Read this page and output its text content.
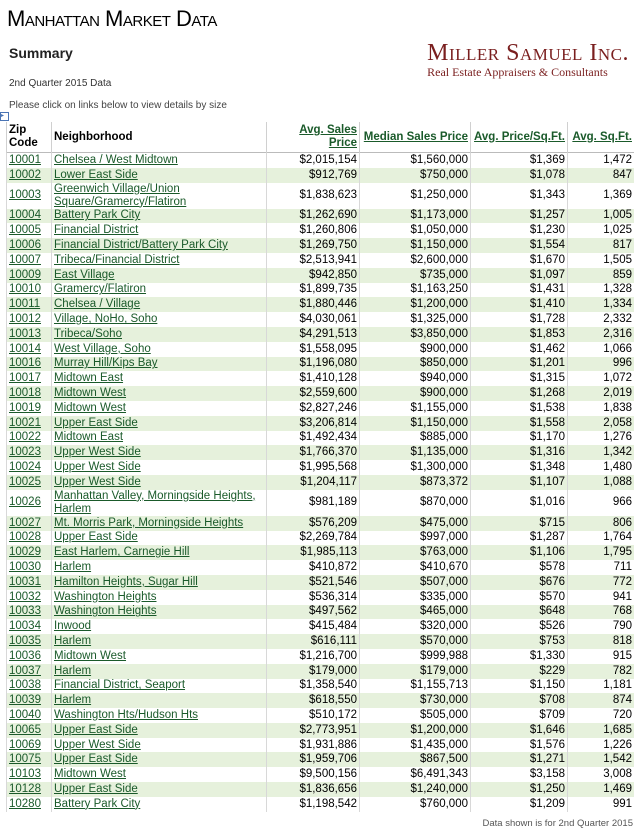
Manhattan Market Data
Summary	Miller Samuel Inc.
Real Estate Appraisers & Consultants
2nd Quarter 2015 Data
Please click on links below to view details by size
▸
Zip Code	Neighborhood	Avg. Sales Price	Median Sales Price	Avg. Price/Sq.Ft.	Avg. Sq.Ft.
10001	Chelsea / West Midtown	$2,015,154	$1,560,000	$1,369	1,472
10002	Lower East Side	$912,769	$750,000	$1,078	847
10003	Greenwich Village/Union Square/Gramercy/Flatiron	$1,838,623	$1,250,000	$1,343	1,369
10004	Battery Park City	$1,262,690	$1,173,000	$1,257	1,005
10005	Financial District	$1,260,806	$1,050,000	$1,230	1,025
10006	Financial District/Battery Park City	$1,269,750	$1,150,000	$1,554	817
10007	Tribeca/Financial District	$2,513,941	$2,600,000	$1,670	1,505
10009	East Village	$942,850	$735,000	$1,097	859
10010	Gramercy/Flatiron	$1,899,735	$1,163,250	$1,431	1,328
10011	Chelsea / Village	$1,880,446	$1,200,000	$1,410	1,334
10012	Village, NoHo, Soho	$4,030,061	$1,325,000	$1,728	2,332
10013	Tribeca/Soho	$4,291,513	$3,850,000	$1,853	2,316
10014	West Village, Soho	$1,558,095	$900,000	$1,462	1,066
10016	Murray Hill/Kips Bay	$1,196,080	$850,000	$1,201	996
10017	Midtown East	$1,410,128	$940,000	$1,315	1,072
10018	Midtown West	$2,559,600	$900,000	$1,268	2,019
10019	Midtown West	$2,827,246	$1,155,000	$1,538	1,838
10021	Upper East Side	$3,206,814	$1,150,000	$1,558	2,058
10022	Midtown East	$1,492,434	$885,000	$1,170	1,276
10023	Upper West Side	$1,766,370	$1,135,000	$1,316	1,342
10024	Upper West Side	$1,995,568	$1,300,000	$1,348	1,480
10025	Upper West Side	$1,204,117	$873,372	$1,107	1,088
10026	Manhattan Valley, Morningside Heights, Harlem	$981,189	$870,000	$1,016	966
10027	Mt. Morris Park, Morningside Heights	$576,209	$475,000	$715	806
10028	Upper East Side	$2,269,784	$997,000	$1,287	1,764
10029	East Harlem, Carnegie Hill	$1,985,113	$763,000	$1,106	1,795
10030	Harlem	$410,872	$410,670	$578	711
10031	Hamilton Heights, Sugar Hill	$521,546	$507,000	$676	772
10032	Washington Heights	$536,314	$335,000	$570	941
10033	Washington Heights	$497,562	$465,000	$648	768
10034	Inwood	$415,484	$320,000	$526	790
10035	Harlem	$616,111	$570,000	$753	818
10036	Midtown West	$1,216,700	$999,988	$1,330	915
10037	Harlem	$179,000	$179,000	$229	782
10038	Financial District, Seaport	$1,358,540	$1,155,713	$1,150	1,181
10039	Harlem	$618,550	$730,000	$708	874
10040	Washington Hts/Hudson Hts	$510,172	$505,000	$709	720
10065	Upper East Side	$2,773,951	$1,200,000	$1,646	1,685
10069	Upper West Side	$1,931,886	$1,435,000	$1,576	1,226
10075	Upper East Side	$1,959,706	$867,500	$1,271	1,542
10103	Midtown West	$9,500,156	$6,491,343	$3,158	3,008
10128	Upper East Side	$1,836,656	$1,240,000	$1,250	1,469
10280	Battery Park City	$1,198,542	$760,000	$1,209	991
Data shown is for 2nd Quarter 2015
